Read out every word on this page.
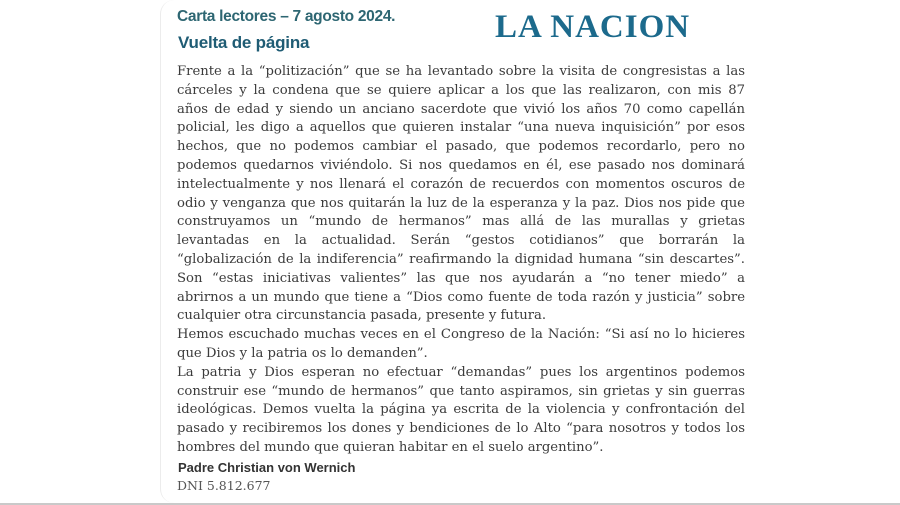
Carta lectores – 7 agosto 2024.
Vuelta de página	LA NACION
Frente a la “politización” que se ha levantado sobre la visita de congresistas a las
cárceles y la condena que se quiere aplicar a los que las realizaron, con mis 87
años de edad y siendo un anciano sacerdote que vivió los años 70 como capellán
policial, les digo a aquellos que quieren instalar “una nueva inquisición” por esos
hechos, que no podemos cambiar el pasado, que podemos recordarlo, pero no
podemos quedarnos viviéndolo. Si nos quedamos en él, ese pasado nos dominará
intelectualmente y nos llenará el corazón de recuerdos con momentos oscuros de
odio y venganza que nos quitarán la luz de la esperanza y la paz. Dios nos pide que
construyamos un “mundo de hermanos” mas allá de las murallas y grietas
levantadas en la actualidad. Serán “gestos cotidianos” que borrarán la
“globalización de la indiferencia” reafirmando la dignidad humana “sin descartes”.
Son “estas iniciativas valientes” las que nos ayudarán a “no tener miedo” a
abrirnos a un mundo que tiene a “Dios como fuente de toda razón y justicia” sobre
cualquier otra circunstancia pasada, presente y futura.
Hemos escuchado muchas veces en el Congreso de la Nación: “Si así no lo hicieres
que Dios y la patria os lo demanden”.
La patria y Dios esperan no efectuar “demandas” pues los argentinos podemos
construir ese “mundo de hermanos” que tanto aspiramos, sin grietas y sin guerras
ideológicas. Demos vuelta la página ya escrita de la violencia y confrontación del
pasado y recibiremos los dones y bendiciones de lo Alto “para nosotros y todos los
hombres del mundo que quieran habitar en el suelo argentino”.
Padre Christian von Wernich
DNI 5.812.677
